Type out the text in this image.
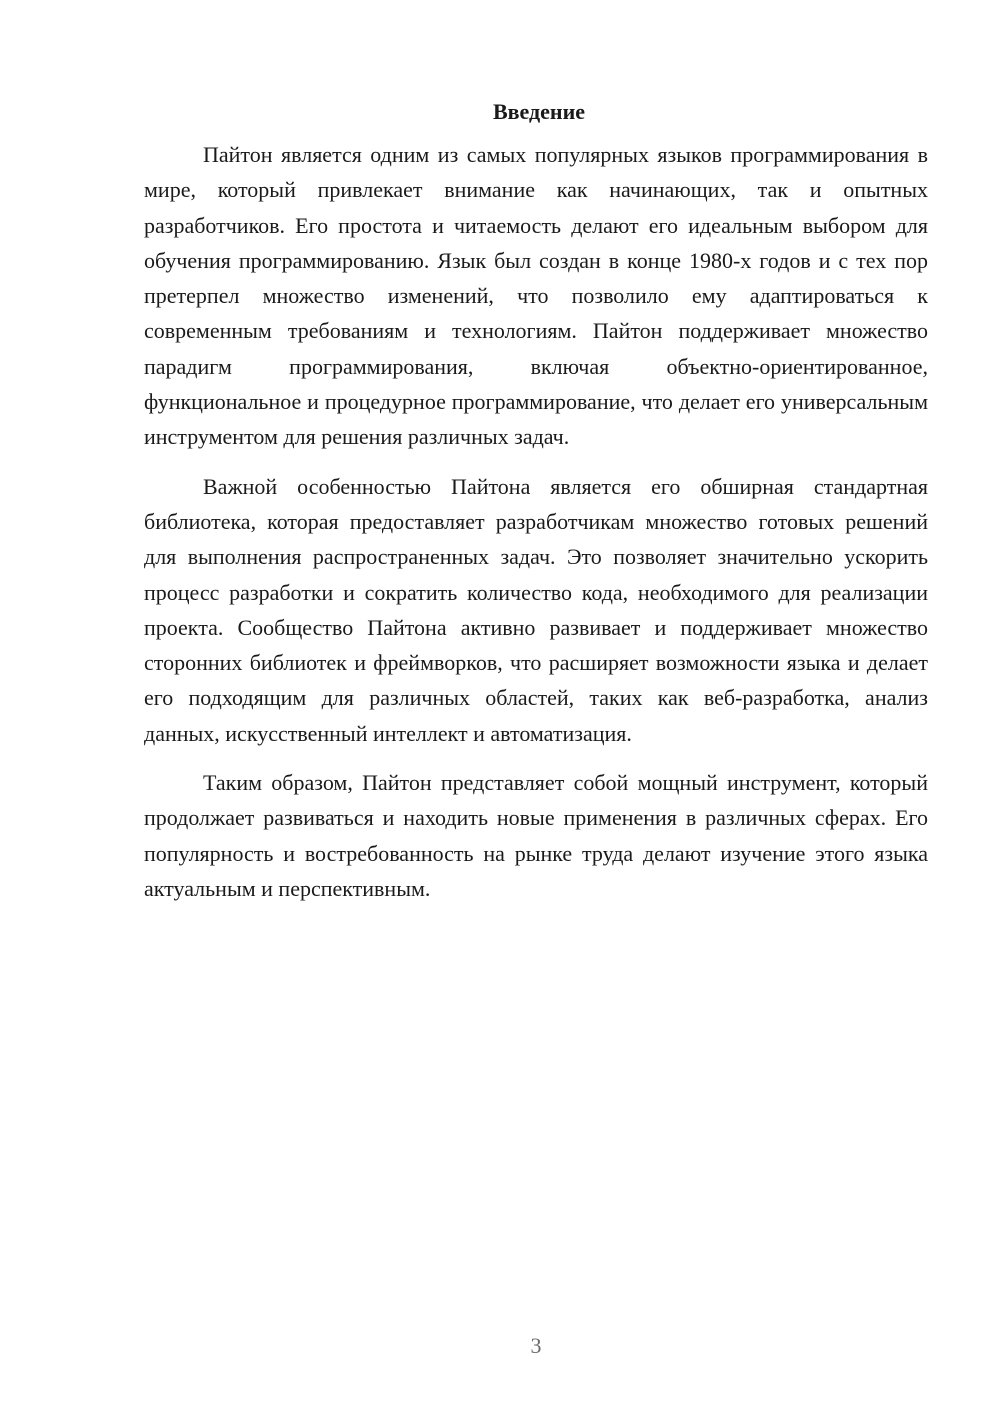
Введение

Пайтон является одним из самых популярных языков программирования в мире, который привлекает внимание как начинающих, так и опытных разработчиков. Его простота и читаемость делают его идеальным выбором для обучения программированию. Язык был создан в конце 1980-х годов и с тех пор претерпел множество изменений, что позволило ему адаптироваться к современным требованиям и технологиям. Пайтон поддерживает множество парадигм программирования, включая объектно-ориентированное, функциональное и процедурное программирование, что делает его универсальным инструментом для решения различных задач.

Важной особенностью Пайтона является его обширная стандартная библиотека, которая предоставляет разработчикам множество готовых решений для выполнения распространенных задач. Это позволяет значительно ускорить процесс разработки и сократить количество кода, необходимого для реализации проекта. Сообщество Пайтона активно развивает и поддерживает множество сторонних библиотек и фреймворков, что расширяет возможности языка и делает его подходящим для различных областей, таких как веб-разработка, анализ данных, искусственный интеллект и автоматизация.

Таким образом, Пайтон представляет собой мощный инструмент, который продолжает развиваться и находить новые применения в различных сферах. Его популярность и востребованность на рынке труда делают изучение этого языка актуальным и перспективным.

3
